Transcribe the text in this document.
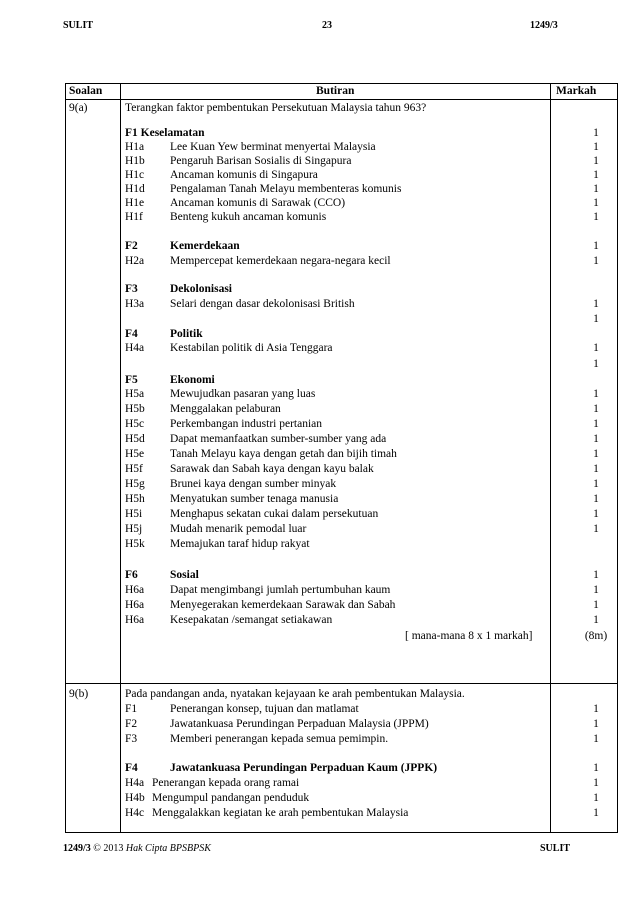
SULIT	23	1249/3
Soalan	Butiran	Markah
9(a)	Terangkan faktor pembentukan Persekutuan Malaysia tahun 963?
F1 Keselamatan	1
H1a Lee Kuan Yew berminat menyertai Malaysia	1
H1b Pengaruh Barisan Sosialis di Singapura	1
H1c Ancaman komunis di Singapura	1
H1d Pengalaman Tanah Melayu membenteras komunis	1
H1e Ancaman komunis di Sarawak (CCO)	1
H1f Benteng kukuh ancaman komunis	1
F2	Kemerdekaan	1
H2a Mempercepat kemerdekaan negara-negara kecil	1
F3	Dekolonisasi
H3a Selari dengan dasar dekolonisasi British	1
1
F4	Politik
H4a Kestabilan politik di Asia Tenggara	1
1
F5	Ekonomi
H5a Mewujudkan pasaran yang luas	1
H5b Menggalakan pelaburan	1
H5c Perkembangan industri pertanian	1
H5d Dapat memanfaatkan sumber-sumber yang ada	1
H5e Tanah Melayu kaya dengan getah dan bijih timah	1
H5f Sarawak dan Sabah kaya dengan kayu balak	1
H5g Brunei kaya dengan sumber minyak	1
H5h Menyatukan sumber tenaga manusia	1
H5i Menghapus sekatan cukai dalam persekutuan	1
H5j Mudah menarik pemodal luar	1
H5k Memajukan taraf hidup rakyat
F6	Sosial	1
H6a Dapat mengimbangi jumlah pertumbuhan kaum	1
H6a Menyegerakan kemerdekaan Sarawak dan Sabah	1
H6a Kesepakatan /semangat setiakawan	1
[ mana-mana 8 x 1 markah]	(8m)
9(b)	Pada pandangan anda, nyatakan kejayaan ke arah pembentukan Malaysia.
F1	Penerangan konsep, tujuan dan matlamat	1
F2	Jawatankuasa Perundingan Perpaduan Malaysia (JPPM)	1
F3	Memberi penerangan kepada semua pemimpin.	1
F4	Jawatankuasa Perundingan Perpaduan Kaum (JPPK)	1
H4a Penerangan kepada orang ramai	1
H4b Mengumpul pandangan penduduk	1
H4c Menggalakkan kegiatan ke arah pembentukan Malaysia	1
1249/3 © 2013 Hak Cipta BPSBPSK	SULIT
